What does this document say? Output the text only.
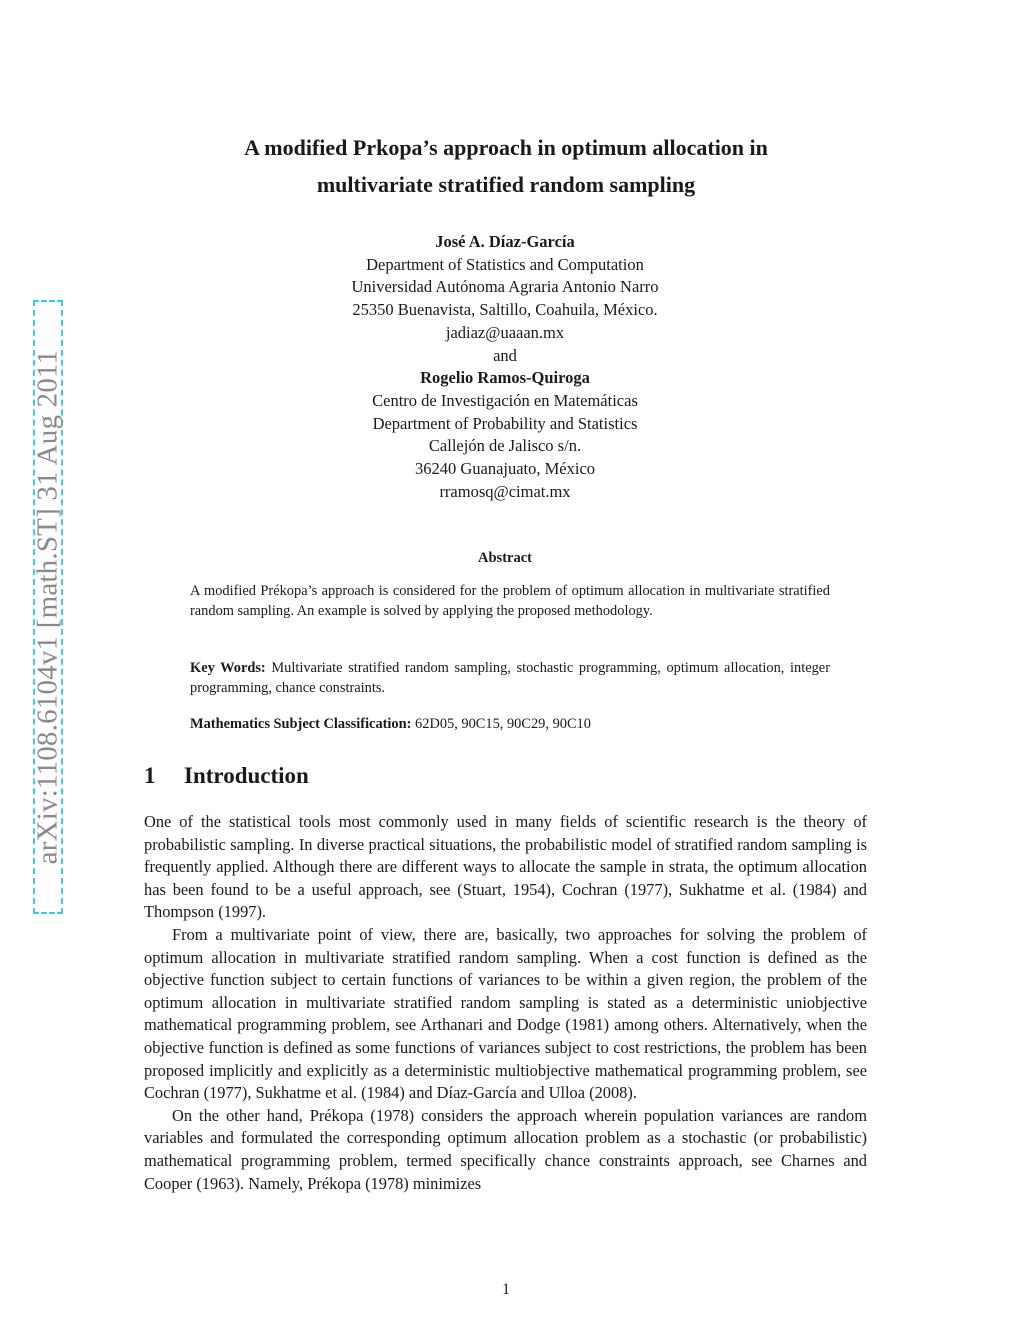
arXiv:1108.6104v1 [math.ST] 31 Aug 2011
A modified Prkopa’s approach in optimum allocation in
multivariate stratified random sampling
José A. Díaz-García
Department of Statistics and Computation
Universidad Autónoma Agraria Antonio Narro
25350 Buenavista, Saltillo, Coahuila, México.
jadiaz@uaaan.mx
and
Rogelio Ramos-Quiroga
Centro de Investigación en Matemáticas
Department of Probability and Statistics
Callejón de Jalisco s/n.
36240 Guanajuato, México
rramosq@cimat.mx
Abstract
A modified Prékopa’s approach is considered for the problem of optimum allocation in multivariate stratified random sampling. An example is solved by applying the proposed methodology.
Key Words: Multivariate stratified random sampling, stochastic programming, optimum allocation, integer programming, chance constraints.
Mathematics Subject Classification: 62D05, 90C15, 90C29, 90C10
1 Introduction

One of the statistical tools most commonly used in many fields of scientific research is the theory of probabilistic sampling. In diverse practical situations, the probabilistic model of stratified random sampling is frequently applied. Although there are different ways to allocate the sample in strata, the optimum allocation has been found to be a useful approach, see (Stuart, 1954), Cochran (1977), Sukhatme et al. (1984) and Thompson (1997).

From a multivariate point of view, there are, basically, two approaches for solving the problem of optimum allocation in multivariate stratified random sampling. When a cost function is defined as the objective function subject to certain functions of variances to be within a given region, the problem of the optimum allocation in multivariate stratified random sampling is stated as a deterministic uniobjective mathematical programming problem, see Arthanari and Dodge (1981) among others. Alternatively, when the objective function is defined as some functions of variances subject to cost restrictions, the problem has been proposed implicitly and explicitly as a deterministic multiobjective mathematical programming problem, see Cochran (1977), Sukhatme et al. (1984) and Díaz-García and Ulloa (2008).

On the other hand, Prékopa (1978) considers the approach wherein population variances are random variables and formulated the corresponding optimum allocation problem as a stochastic (or probabilistic) mathematical programming problem, termed specifically chance constraints approach, see Charnes and Cooper (1963). Namely, Prékopa (1978) minimizes

1
